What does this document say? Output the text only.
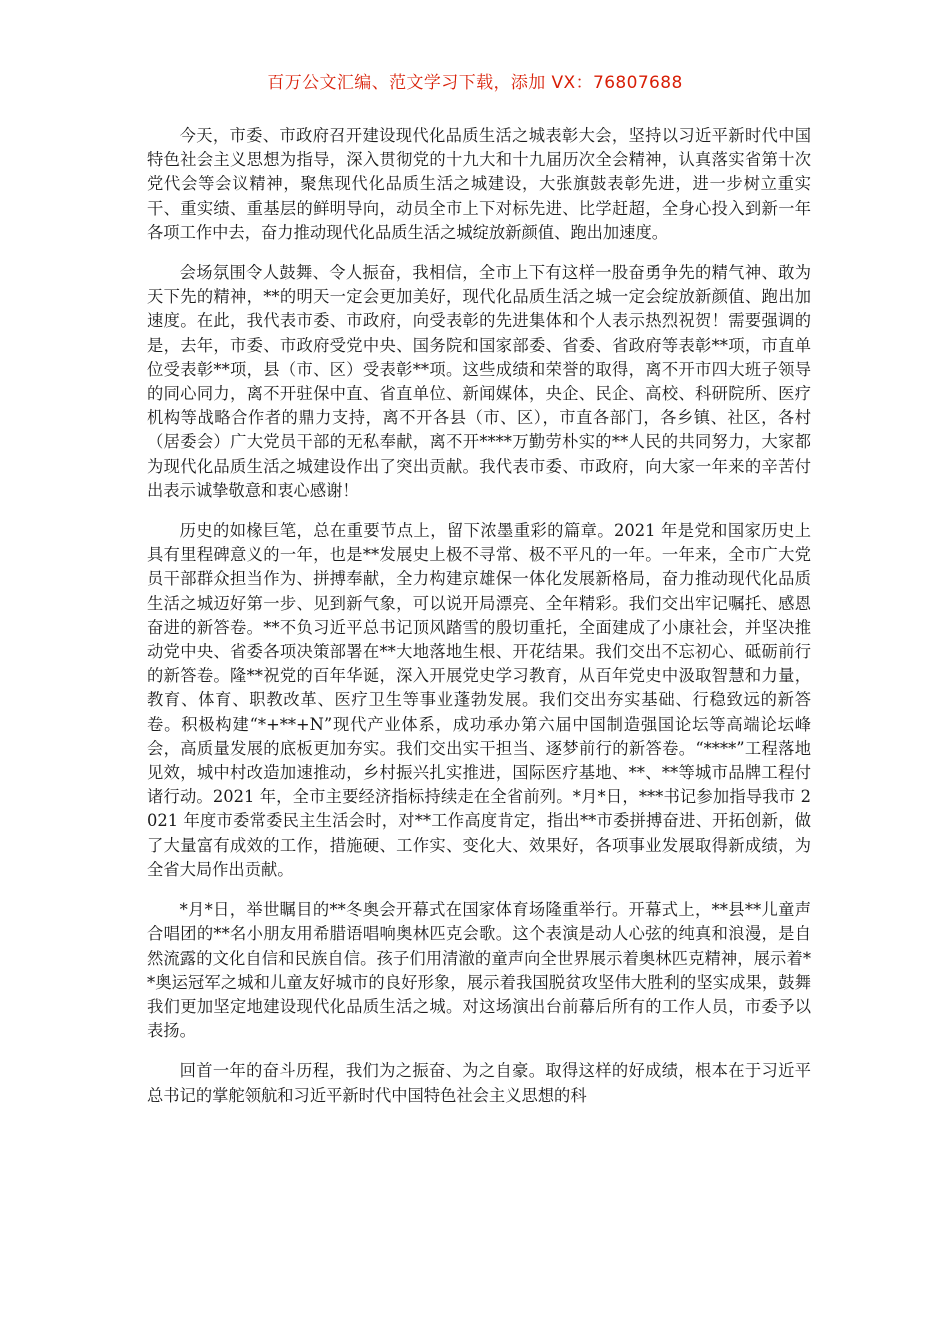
百万公文汇编、范文学习下载，添加 VX：76807688

今天，市委、市政府召开建设现代化品质生活之城表彰大会，坚持以习近平新时代中国特色社会主义思想为指导，深入贯彻党的十九大和十九届历次全会精神，认真落实省第十次党代会等会议精神，聚焦现代化品质生活之城建设，大张旗鼓表彰先进，进一步树立重实干、重实绩、重基层的鲜明导向，动员全市上下对标先进、比学赶超，全身心投入到新一年各项工作中去，奋力推动现代化品质生活之城绽放新颜值、跑出加速度。

会场氛围令人鼓舞、令人振奋，我相信，全市上下有这样一股奋勇争先的精气神、敢为天下先的精神，**的明天一定会更加美好，现代化品质生活之城一定会绽放新颜值、跑出加速度。在此，我代表市委、市政府，向受表彰的先进集体和个人表示热烈祝贺！需要强调的是，去年，市委、市政府受党中央、国务院和国家部委、省委、省政府等表彰**项，市直单位受表彰**项，县（市、区）受表彰**项。这些成绩和荣誉的取得，离不开市四大班子领导的同心同力，离不开驻保中直、省直单位、新闻媒体，央企、民企、高校、科研院所、医疗机构等战略合作者的鼎力支持，离不开各县（市、区），市直各部门，各乡镇、社区，各村（居委会）广大党员干部的无私奉献，离不开****万勤劳朴实的**人民的共同努力，大家都为现代化品质生活之城建设作出了突出贡献。我代表市委、市政府，向大家一年来的辛苦付出表示诚挚敬意和衷心感谢！

历史的如椽巨笔，总在重要节点上，留下浓墨重彩的篇章。2021 年是党和国家历史上具有里程碑意义的一年，也是**发展史上极不寻常、极不平凡的一年。一年来，全市广大党员干部群众担当作为、拼搏奉献，全力构建京雄保一体化发展新格局，奋力推动现代化品质生活之城迈好第一步、见到新气象，可以说开局漂亮、全年精彩。我们交出牢记嘱托、感恩奋进的新答卷。**不负习近平总书记顶风踏雪的殷切重托，全面建成了小康社会，并坚决推动党中央、省委各项决策部署在**大地落地生根、开花结果。我们交出不忘初心、砥砺前行的新答卷。隆**祝党的百年华诞，深入开展党史学习教育，从百年党史中汲取智慧和力量，教育、体育、职教改革、医疗卫生等事业蓬勃发展。我们交出夯实基础、行稳致远的新答卷。积极构建“*+**+N”现代产业体系，成功承办第六届中国制造强国论坛等高端论坛峰会，高质量发展的底板更加夯实。我们交出实干担当、逐梦前行的新答卷。“****”工程落地见效，城中村改造加速推动，乡村振兴扎实推进，国际医疗基地、**、**等城市品牌工程付诸行动。2021 年，全市主要经济指标持续走在全省前列。*月*日，***书记参加指导我市 2021 年度市委常委民主生活会时，对**工作高度肯定，指出**市委拼搏奋进、开拓创新，做了大量富有成效的工作，措施硬、工作实、变化大、效果好，各项事业发展取得新成绩，为全省大局作出贡献。

*月*日，举世瞩目的**冬奥会开幕式在国家体育场隆重举行。开幕式上，**县**儿童声合唱团的**名小朋友用希腊语唱响奥林匹克会歌。这个表演是动人心弦的纯真和浪漫，是自然流露的文化自信和民族自信。孩子们用清澈的童声向全世界展示着奥林匹克精神，展示着**奥运冠军之城和儿童友好城市的良好形象，展示着我国脱贫攻坚伟大胜利的坚实成果，鼓舞我们更加坚定地建设现代化品质生活之城。对这场演出台前幕后所有的工作人员，市委予以表扬。

回首一年的奋斗历程，我们为之振奋、为之自豪。取得这样的好成绩，根本在于习近平总书记的掌舵领航和习近平新时代中国特色社会主义思想的科
